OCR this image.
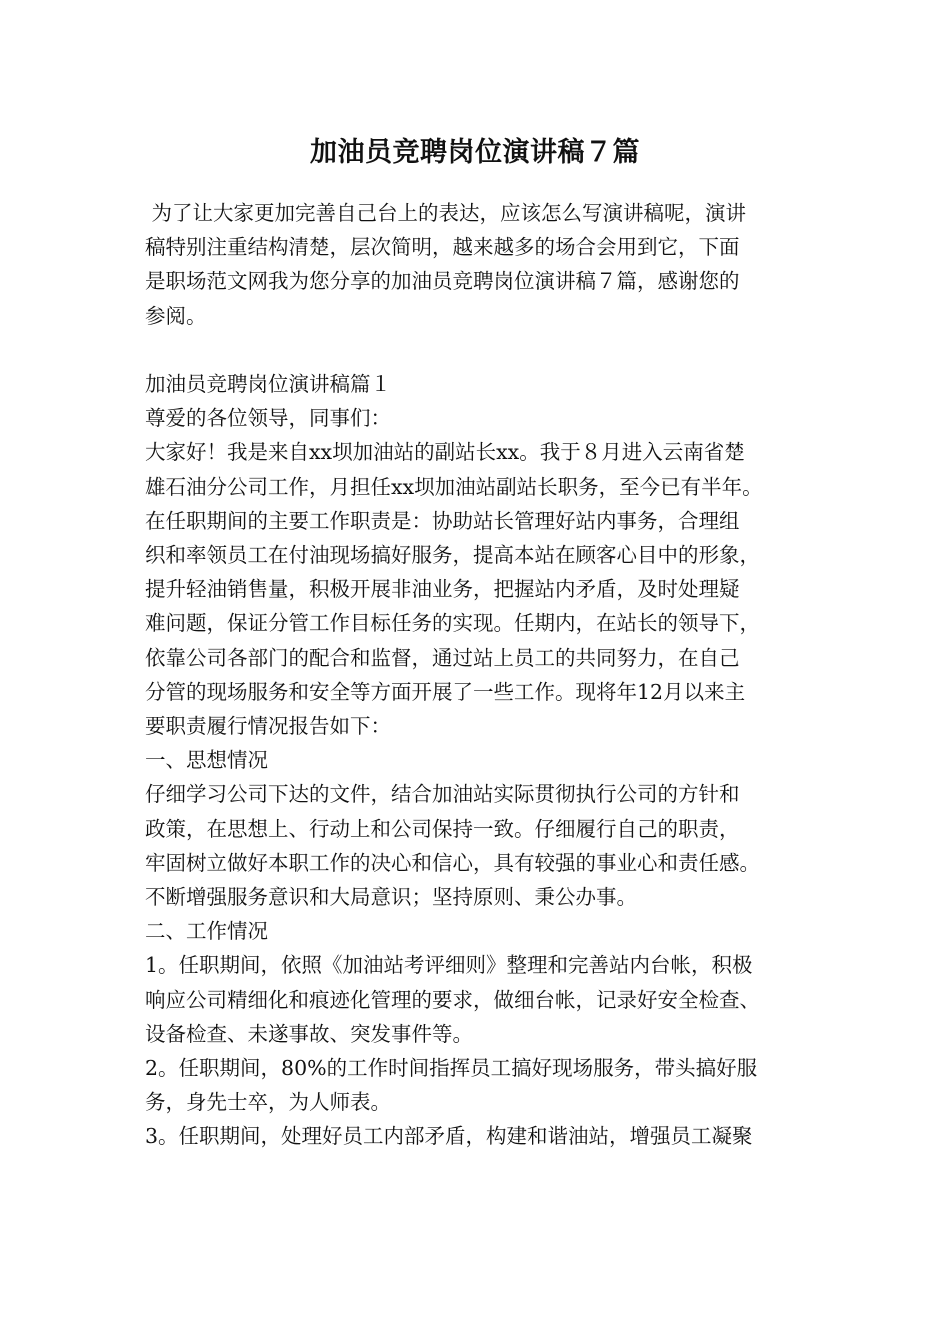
加油员竞聘岗位演讲稿７篇

为了让大家更加完善自己台上的表达，应该怎么写演讲稿呢，演讲

稿特别注重结构清楚，层次简明，越来越多的场合会用到它，下面

是职场范文网我为您分享的加油员竞聘岗位演讲稿７篇，感谢您的

参阅。

加油员竞聘岗位演讲稿篇１

尊爱的各位领导，同事们：

大家好！我是来自xx坝加油站的副站长xx。我于８月进入云南省楚

雄石油分公司工作，月担任xx坝加油站副站长职务，至今已有半年。

在任职期间的主要工作职责是：协助站长管理好站内事务，合理组

织和率领员工在付油现场搞好服务，提高本站在顾客心目中的形象，

提升轻油销售量，积极开展非油业务，把握站内矛盾，及时处理疑

难问题，保证分管工作目标任务的实现。任期内，在站长的领导下，

依靠公司各部门的配合和监督，通过站上员工的共同努力，在自己

分管的现场服务和安全等方面开展了一些工作。现将年12月以来主

要职责履行情况报告如下：

一、思想情况

仔细学习公司下达的文件，结合加油站实际贯彻执行公司的方针和

政策，在思想上、行动上和公司保持一致。仔细履行自己的职责，

牢固树立做好本职工作的决心和信心，具有较强的事业心和责任感。

不断增强服务意识和大局意识；坚持原则、秉公办事。

二、工作情况

1。任职期间，依照《加油站考评细则》整理和完善站内台帐，积极

响应公司精细化和痕迹化管理的要求，做细台帐，记录好安全检查、

设备检查、未遂事故、突发事件等。

2。任职期间，80%的工作时间指挥员工搞好现场服务，带头搞好服

务，身先士卒，为人师表。

3。任职期间，处理好员工内部矛盾，构建和谐油站，增强员工凝聚
